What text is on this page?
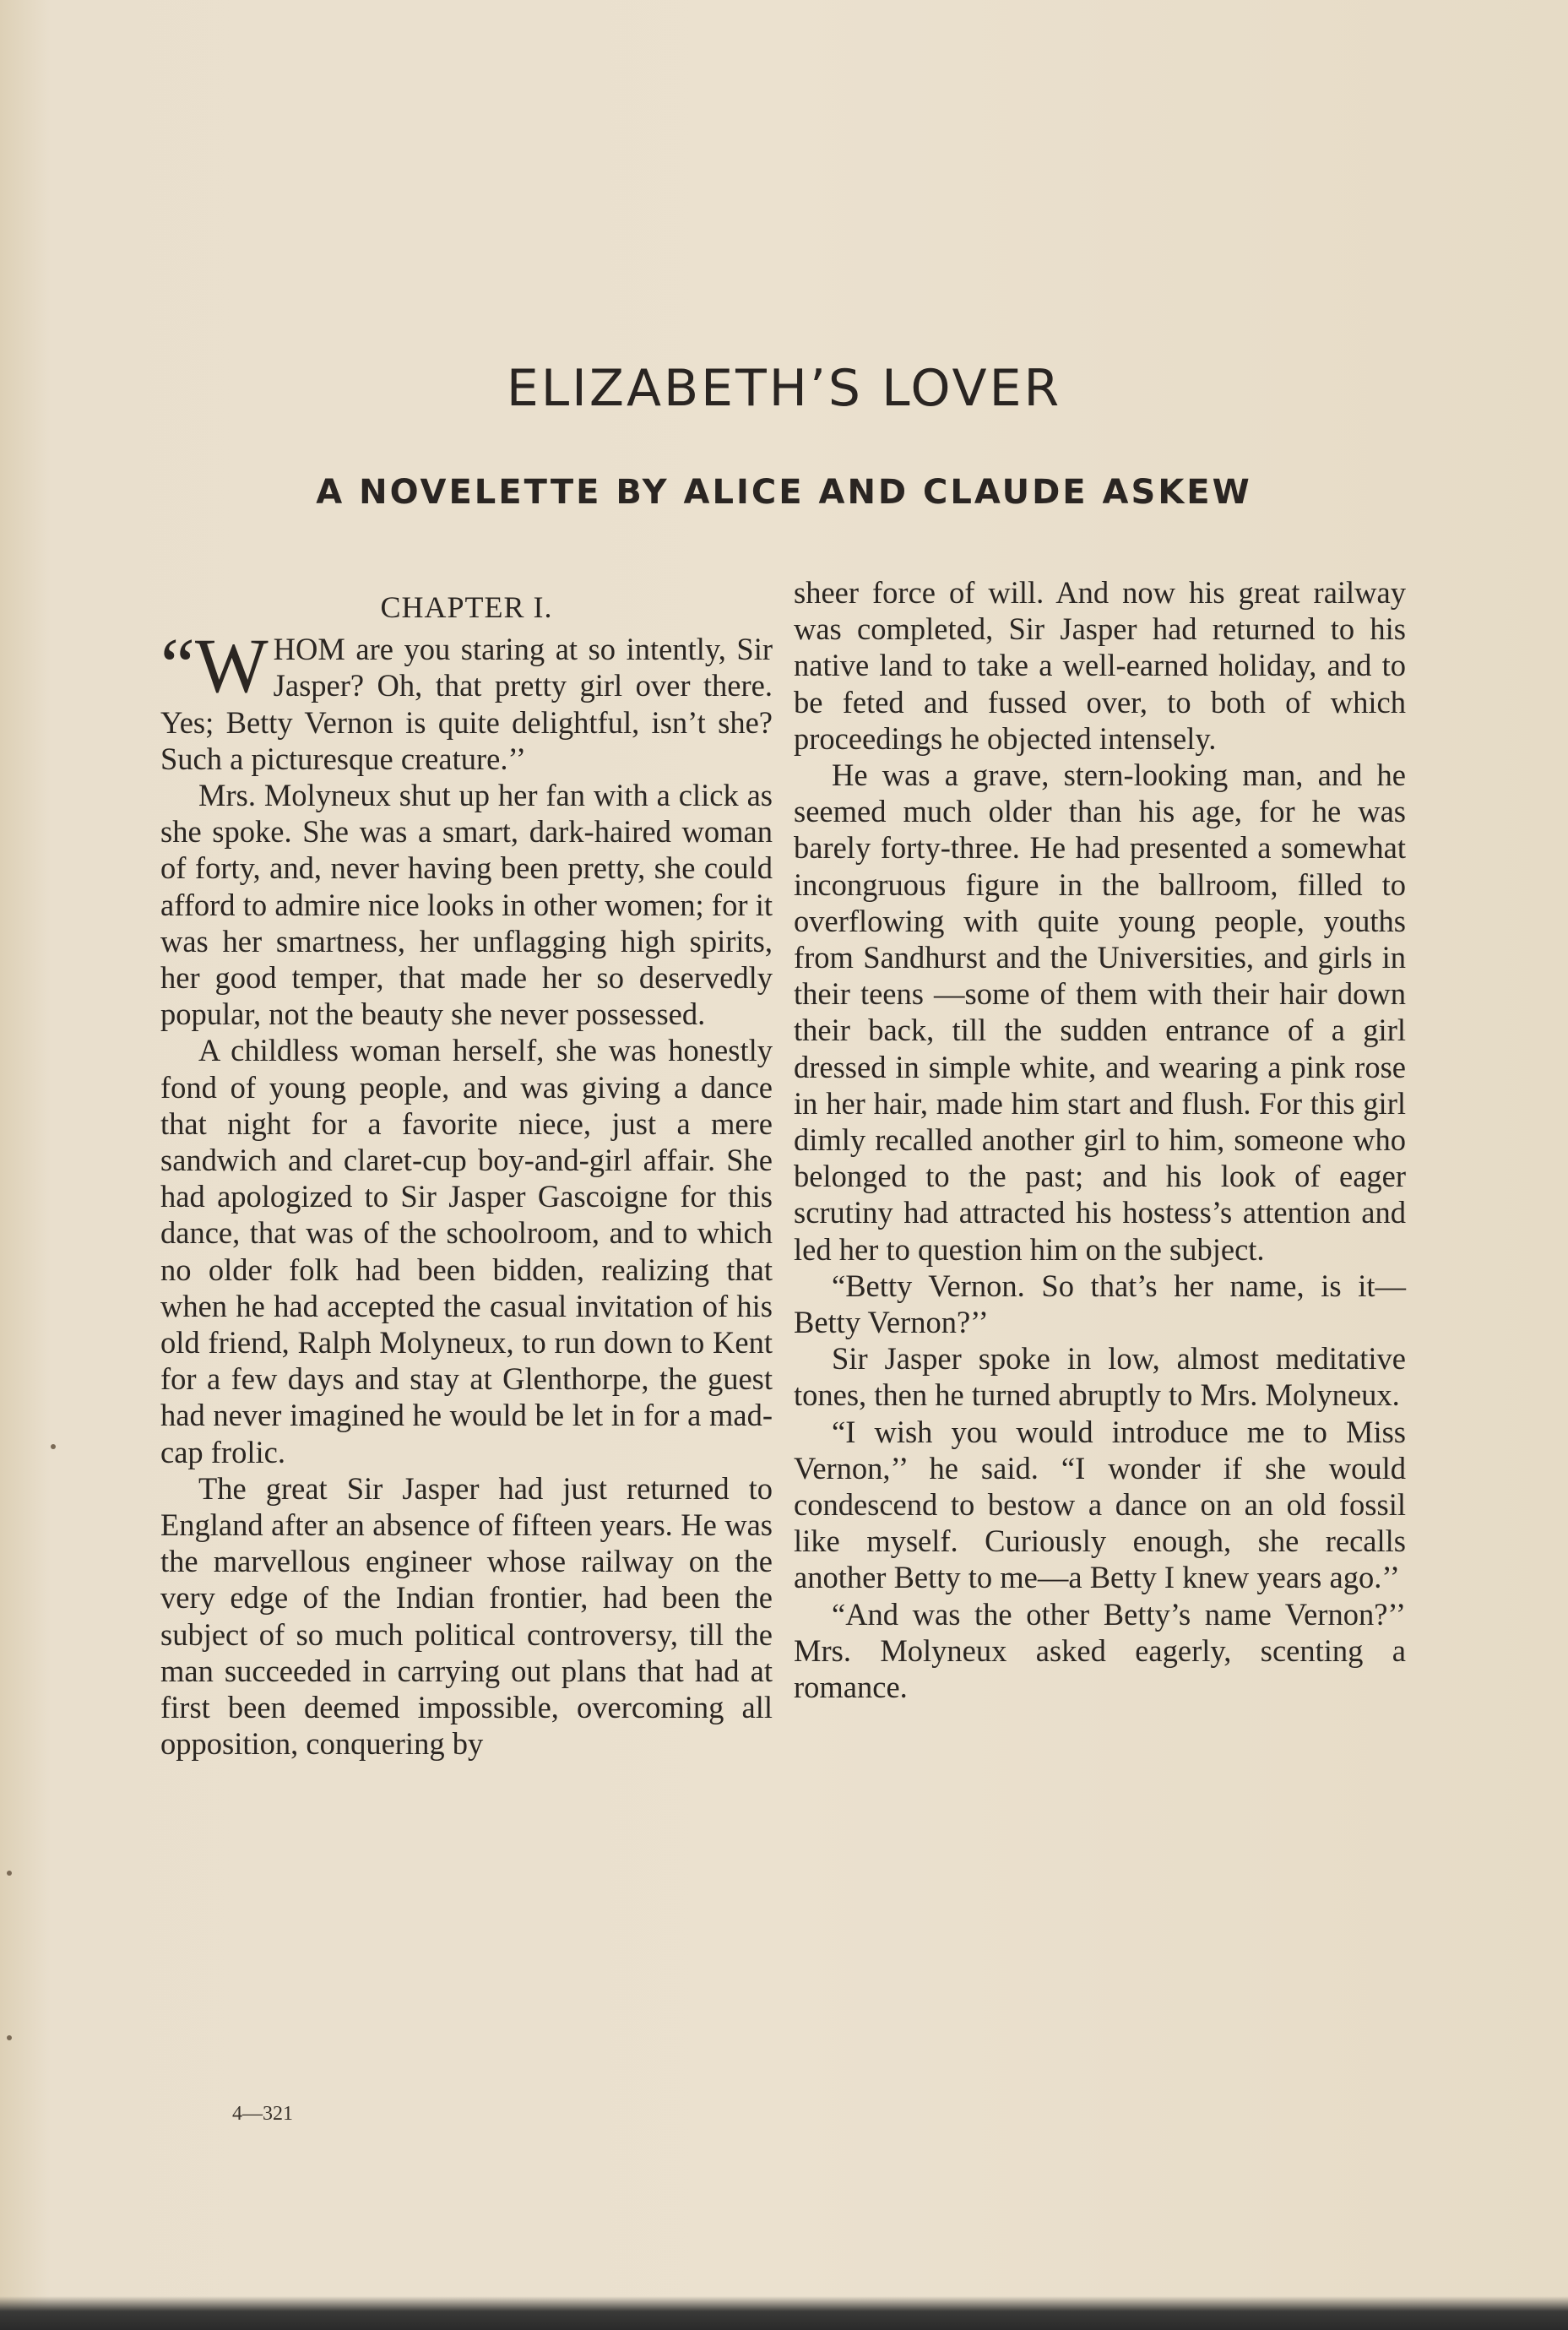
ELIZABETH’S LOVER
A NOVELETTE BY ALICE AND CLAUDE ASKEW
CHAPTER I.

“WHOM are you staring at so intently, Sir Jasper? Oh, that pretty girl over there. Yes; Betty Vernon is quite delightful, isn’t she? Such a picturesque creature.’’

Mrs. Molyneux shut up her fan with a click as she spoke. She was a smart, dark-haired woman of forty, and, never having been pretty, she could afford to admire nice looks in other women; for it was her smartness, her unflagging high spirits, her good temper, that made her so deservedly popular, not the beauty she never possessed.

A childless woman herself, she was honestly fond of young people, and was giving a dance that night for a favorite niece, just a mere sandwich and claret-cup boy-and-girl affair. She had apologized to Sir Jasper Gascoigne for this dance, that was of the schoolroom, and to which no older folk had been bidden, realizing that when he had accepted the casual invitation of his old friend, Ralph Molyneux, to run down to Kent for a few days and stay at Glenthorpe, the guest had never imagined he would be let in for a mad-cap frolic.

The great Sir Jasper had just returned to England after an absence of fifteen years. He was the marvellous engineer whose railway on the very edge of the Indian frontier, had been the subject of so much political controversy, till the man succeeded in carrying out plans that had at first been deemed impossible, overcoming all opposition, conquering by

sheer force of will. And now his great railway was completed, Sir Jasper had returned to his native land to take a well-earned holiday, and to be feted and fussed over, to both of which proceedings he objected intensely.

He was a grave, stern-looking man, and he seemed much older than his age, for he was barely forty-three. He had presented a somewhat incongruous figure in the ballroom, filled to overflowing with quite young people, youths from Sandhurst and the Universities, and girls in their teens —some of them with their hair down their back, till the sudden entrance of a girl dressed in simple white, and wearing a pink rose in her hair, made him start and flush. For this girl dimly recalled another girl to him, someone who belonged to the past; and his look of eager scrutiny had attracted his hostess’s attention and led her to question him on the subject.

“Betty Vernon. So that’s her name, is it—Betty Vernon?’’

Sir Jasper spoke in low, almost meditative tones, then he turned abruptly to Mrs. Molyneux.

“I wish you would introduce me to Miss Vernon,’’ he said. “I wonder if she would condescend to bestow a dance on an old fossil like myself. Curiously enough, she recalls another Betty to me—a Betty I knew years ago.’’

“And was the other Betty’s name Vernon?’’ Mrs. Molyneux asked eagerly, scenting a romance.

4—321
